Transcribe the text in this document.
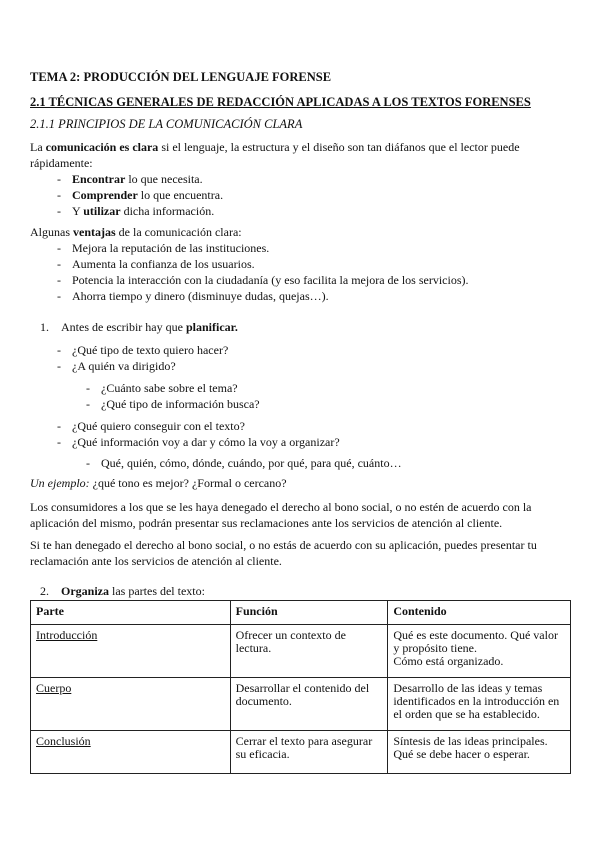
TEMA 2: PRODUCCIÓN DEL LENGUAJE FORENSE
2.1 TÉCNICAS GENERALES DE REDACCIÓN APLICADAS A LOS TEXTOS FORENSES
2.1.1 PRINCIPIOS DE LA COMUNICACIÓN CLARA
La comunicación es clara si el lenguaje, la estructura y el diseño son tan diáfanos que el lector puede
rápidamente:
- Encontrar lo que necesita.
- Comprender lo que encuentra.
- Y utilizar dicha información.
Algunas ventajas de la comunicación clara:
- Mejora la reputación de las instituciones.
- Aumenta la confianza de los usuarios.
- Potencia la interacción con la ciudadanía (y eso facilita la mejora de los servicios).
- Ahorra tiempo y dinero (disminuye dudas, quejas…).
1. Antes de escribir hay que planificar.
- ¿Qué tipo de texto quiero hacer?
- ¿A quién va dirigido?
- ¿Cuánto sabe sobre el tema?
- ¿Qué tipo de información busca?
- ¿Qué quiero conseguir con el texto?
- ¿Qué información voy a dar y cómo la voy a organizar?
- Qué, quién, cómo, dónde, cuándo, por qué, para qué, cuánto…
Un ejemplo: ¿qué tono es mejor? ¿Formal o cercano?
Los consumidores a los que se les haya denegado el derecho al bono social, o no estén de acuerdo con la
aplicación del mismo, podrán presentar sus reclamaciones ante los servicios de atención al cliente.
Si te han denegado el derecho al bono social, o no estás de acuerdo con su aplicación, puedes presentar tu
reclamación ante los servicios de atención al cliente.
2. Organiza las partes del texto:
Parte	Función	Contenido
Introducción	Ofrecer un contexto de lectura.	Qué es este documento. Qué valor y propósito tiene.
Cómo está organizado.

Cuerpo	Desarrollar el contenido del documento.	Desarrollo de las ideas y temas identificados en la introducción en el orden que se ha establecido.

Conclusión	Cerrar el texto para asegurar su eficacia.	Síntesis de las ideas principales.
Qué se debe hacer o esperar.
